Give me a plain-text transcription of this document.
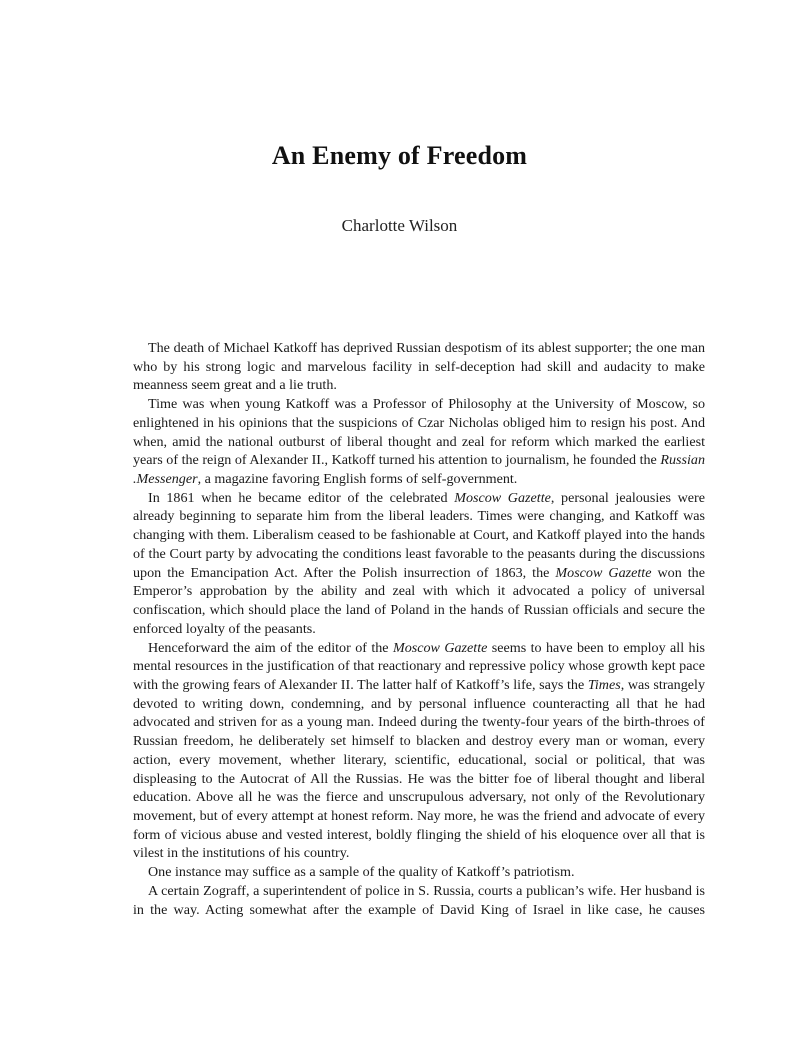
An Enemy of Freedom
Charlotte Wilson

The death of Michael Katkoff has deprived Russian despotism of its ablest supporter; the one man who by his strong logic and marvelous facility in self-deception had skill and audacity to make meanness seem great and a lie truth.

Time was when young Katkoff was a Professor of Philosophy at the University of Moscow, so enlightened in his opinions that the suspicions of Czar Nicholas obliged him to resign his post. And when, amid the national outburst of liberal thought and zeal for reform which marked the earliest years of the reign of Alexander II., Katkoff turned his attention to journalism, he founded the Russian .Messenger, a magazine favoring English forms of self-government.

In 1861 when he became editor of the celebrated Moscow Gazette, personal jealousies were already beginning to separate him from the liberal leaders. Times were changing, and Katkoff was changing with them. Liberalism ceased to be fashionable at Court, and Katkoff played into the hands of the Court party by advocating the conditions least favorable to the peasants during the discussions upon the Emancipation Act. After the Polish insurrection of 1863, the Moscow Gazette won the Emperor’s approbation by the ability and zeal with which it advocated a policy of universal confiscation, which should place the land of Poland in the hands of Russian officials and secure the enforced loyalty of the peasants.

Henceforward the aim of the editor of the Moscow Gazette seems to have been to employ all his mental resources in the justification of that reactionary and repressive policy whose growth kept pace with the growing fears of Alexander II. The latter half of Katkoff’s life, says the Times, was strangely devoted to writing down, condemning, and by personal influence counteracting all that he had advocated and striven for as a young man. Indeed during the twenty-four years of the birth-throes of Russian freedom, he deliberately set himself to blacken and destroy every man or woman, every action, every movement, whether literary, scientific, educational, social or political, that was displeasing to the Autocrat of All the Russias. He was the bitter foe of liberal thought and liberal education. Above all he was the fierce and unscrupulous adversary, not only of the Revolutionary movement, but of every attempt at honest reform. Nay more, he was the friend and advocate of every form of vicious abuse and vested interest, boldly flinging the shield of his eloquence over all that is vilest in the institutions of his country.

One instance may suffice as a sample of the quality of Katkoff’s patriotism.

A certain Zograff, a superintendent of police in S. Russia, courts a publican’s wife. Her husband is in the way. Acting somewhat after the example of David King of Israel in like case, he causes
